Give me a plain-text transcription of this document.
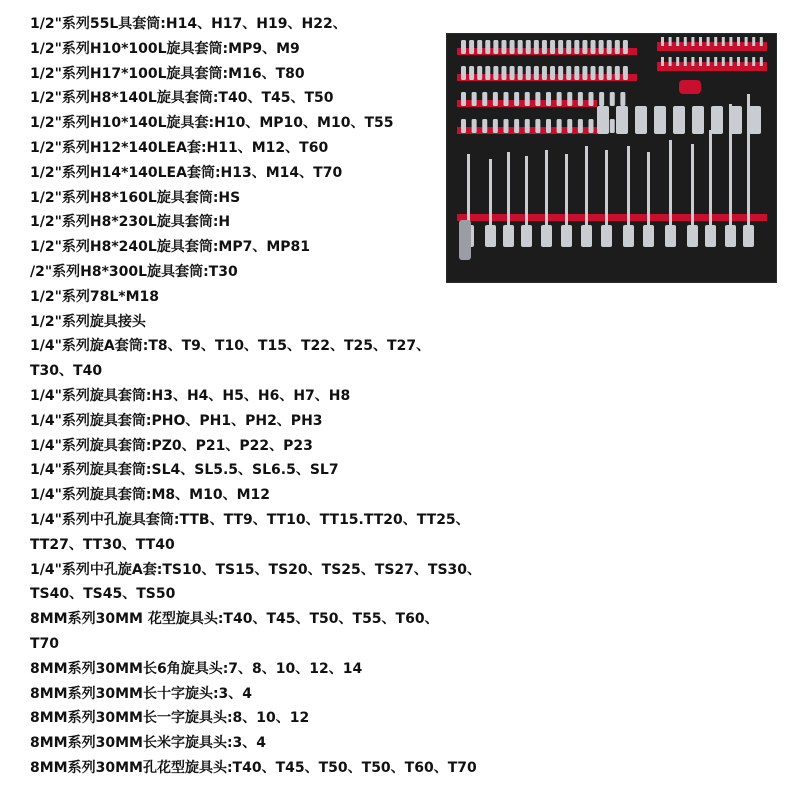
1/2"系列55L具套筒:H14、H17、H19、H22、
1/2"系列H10*100L旋具套筒:MP9、M9
1/2"系列H17*100L旋具套筒:M16、T80
1/2"系列H8*140L旋具套筒:T40、T45、T50
1/2"系列H10*140L旋具套:H10、MP10、M10、T55
1/2"系列H12*140LEA套:H11、M12、T60
1/2"系列H14*140LEA套筒:H13、M14、T70
1/2"系列H8*160L旋具套筒:HS
1/2"系列H8*230L旋具套筒:H
1/2"系列H8*240L旋具套筒:MP7、MP81
/2"系列H8*300L旋具套筒:T30
1/2"系列78L*M18
1/2"系列旋具接头
1/4"系列旋A套筒:T8、T9、T10、T15、T22、T25、T27、
T30、T40
1/4"系列旋具套筒:H3、H4、H5、H6、H7、H8
1/4"系列旋具套筒:PHO、PH1、PH2、PH3
1/4"系列旋具套筒:PZ0、P21、P22、P23
1/4"系列旋具套筒:SL4、SL5.5、SL6.5、SL7
1/4"系列旋具套筒:M8、M10、M12
1/4"系列中孔旋具套筒:TTB、TT9、TT10、TT15.TT20、TT25、
TT27、TT30、TT40
1/4"系列中孔旋A套:TS10、TS15、TS20、TS25、TS27、TS30、
TS40、TS45、TS50
8MM系列30MM 花型旋具头:T40、T45、T50、T55、T60、
T70
8MM系列30MM长6角旋具头:7、8、10、12、14
8MM系列30MM长十字旋头:3、4
8MM系列30MM长一字旋具头:8、10、12
8MM系列30MM长米字旋具头:3、4
8MM系列30MM孔花型旋具头:T40、T45、T50、T50、T60、T70
